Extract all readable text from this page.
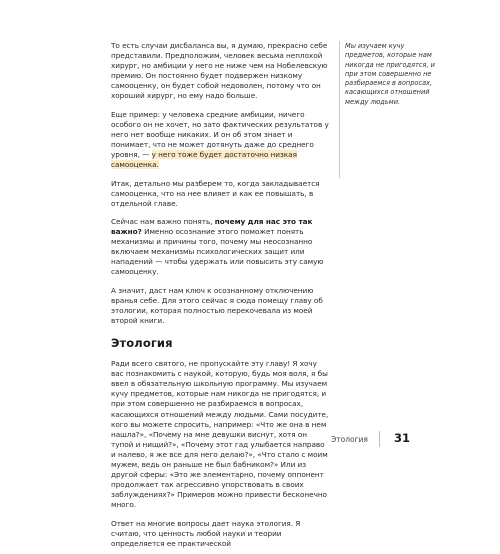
То есть случаи дисбаланса вы, я думаю, прекрасно себе представили. Предположим, человек весьма неплохой хирург, но амбиции у него не ниже чем на Нобелевскую премию. Он постоянно будет подвержен низкому самооценку, он будет собой недоволен, потому что он хороший хирург, но ему надо больше.

Еще пример: у человека средние амбиции, ничего особого он не хочет, но зато фактических результатов у него нет вообще никаких. И он об этом знает и понимает, что не может дотянуть даже до среднего уровня, — у него тоже будет достаточно низкая самооценка.

Итак, детально мы разберем то, когда закладывается самооценка, что на нее влияет и как ее повышать, в отдельной главе.

Сейчас нам важно понять, почему для нас это так важно? Именно осознание этого поможет понять механизмы и причины того, почему мы неосознанно включаем механизмы психологических защит или нападений — чтобы удержать или повысить эту самую самооценку.

А значит, даст нам ключ к осознанному отключению вранья себе. Для этого сейчас я сюда помещу главу об этологии, которая полностью перекочевала из моей второй книги.

Этология

Ради всего святого, не пропускайте эту главу! Я хочу вас познакомить с наукой, которую, будь моя воля, я бы ввел в обязательную школьную программу. Мы изучаем кучу предметов, которые нам никогда не пригодятся, и при этом совершенно не разбираемся в вопросах, касающихся отношений между людьми. Сами посудите, кого вы можете спросить, например: «Что же она в нем нашла?», «Почему на мне девушки виснут, хотя он тупой и нищий?», «Почему этот гад улыбается направо и налево, я же все для него делаю?», «Что стало с моим мужем, ведь он раньше не был бабником?» Или из другой сферы: «Это же элементарно, почему оппонент продолжает так агрессивно упорствовать в своих заблуждениях?» Примеров можно привести бесконечно много.

Ответ на многие вопросы дает наука этология. Я считаю, что ценность любой науки и теории определяется ее практической

Мы изучаем кучу предметов, которые нам никогда не пригодятся, и при этом совершенно не разбираемся в вопросах, касающихся отношений между людьми.
Этология 31
